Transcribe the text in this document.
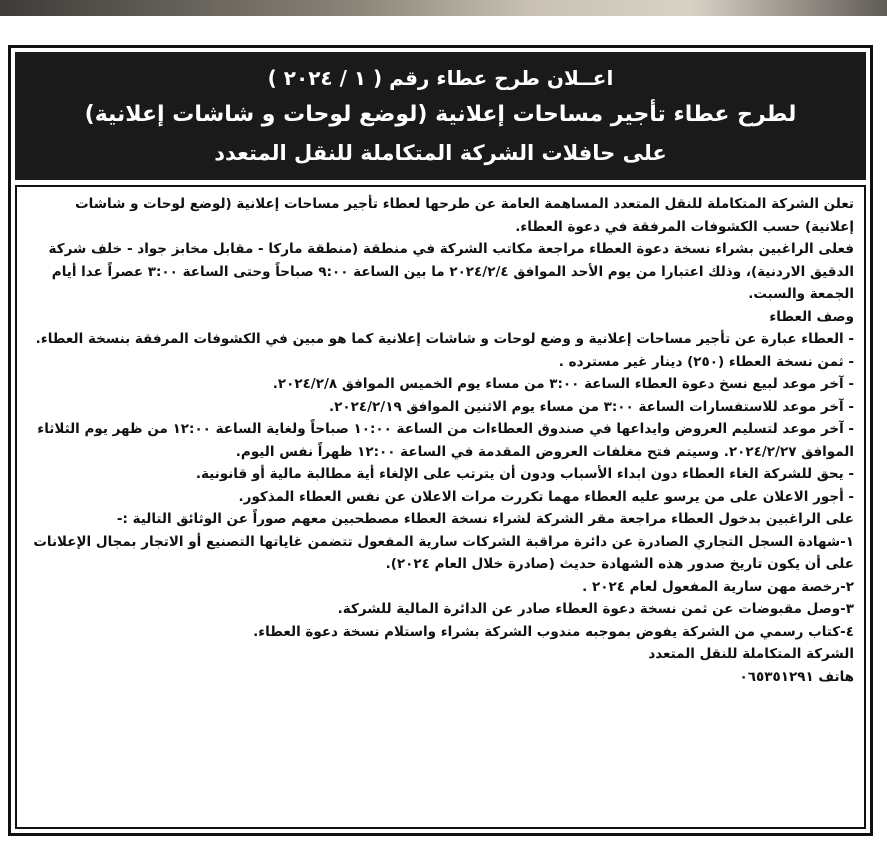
اعــلان طرح عطاء رقم ( ١ / ٢٠٢٤ )
لطرح عطاء تأجير مساحات إعلانية (لوضع لوحات و شاشات إعلانية)
على حافلات الشركة المتكاملة للنقل المتعدد

تعلن الشركة المتكاملة للنقل المتعدد المساهمة العامة عن طرحها لعطاء تأجير مساحات إعلانية (لوضع لوحات و شاشات إعلانية) حسب الكشوفات المرفقة في دعوة العطاء.

فعلى الراغبين بشراء نسخة دعوة العطاء مراجعة مكاتب الشركة في منطقة (منطقة ماركا - مقابل مخابز جواد - خلف شركة الدقيق الاردنية)، وذلك اعتبارا من يوم الأحد الموافق ٢٠٢٤/٢/٤ ما بين الساعة ٩:٠٠ صباحاً وحتى الساعة ٣:٠٠ عصراً عدا أيام الجمعة والسبت.

وصف العطاء

- العطاء عبارة عن تأجير مساحات إعلانية و وضع لوحات و شاشات إعلانية كما هو مبين في الكشوفات المرفقة بنسخة العطاء.

- ثمن نسخة العطاء (٢٥٠) دينار غير مسترده .

- آخر موعد لبيع نسخ دعوة العطاء الساعة ٣:٠٠ من مساء يوم الخميس الموافق ٢٠٢٤/٢/٨.

- آخر موعد للاستفسارات الساعة ٣:٠٠ من مساء يوم الاثنين الموافق ٢٠٢٤/٢/١٩.

- آخر موعد لتسليم العروض وايداعها في صندوق العطاءات من الساعة ١٠:٠٠ صباحاً ولغاية الساعة ١٢:٠٠ من ظهر يوم الثلاثاء الموافق ٢٠٢٤/٢/٢٧. وسيتم فتح مغلفات العروض المقدمة في الساعة ١٢:٠٠ ظهراً نفس اليوم.

- يحق للشركة الغاء العطاء دون ابداء الأسباب ودون أن يترتب على الإلغاء أية مطالبة مالية أو قانونية.

- أجور الاعلان على من يرسو عليه العطاء مهما تكررت مرات الاعلان عن نفس العطاء المذكور.

على الراغبين بدخول العطاء مراجعة مقر الشركة لشراء نسخة العطاء مصطحبين معهم صوراً عن الوثائق التالية :-

١-شهادة السجل التجاري الصادرة عن دائرة مراقبة الشركات سارية المفعول تتضمن غاياتها التصنيع أو الاتجار بمجال الإعلانات على أن يكون تاريخ صدور هذه الشهادة حديث (صادرة خلال العام ٢٠٢٤).

٢-رخصة مهن سارية المفعول لعام ٢٠٢٤ .

٣-وصل مقبوضات عن ثمن نسخة دعوة العطاء صادر عن الدائرة المالية للشركة.

٤-كتاب رسمي من الشركة يفوض بموجبه مندوب الشركة بشراء واستلام نسخة دعوة العطاء.

الشركة المتكاملة للنقل المتعدد

هاتف ٠٦٥٣٥١٢٩١
